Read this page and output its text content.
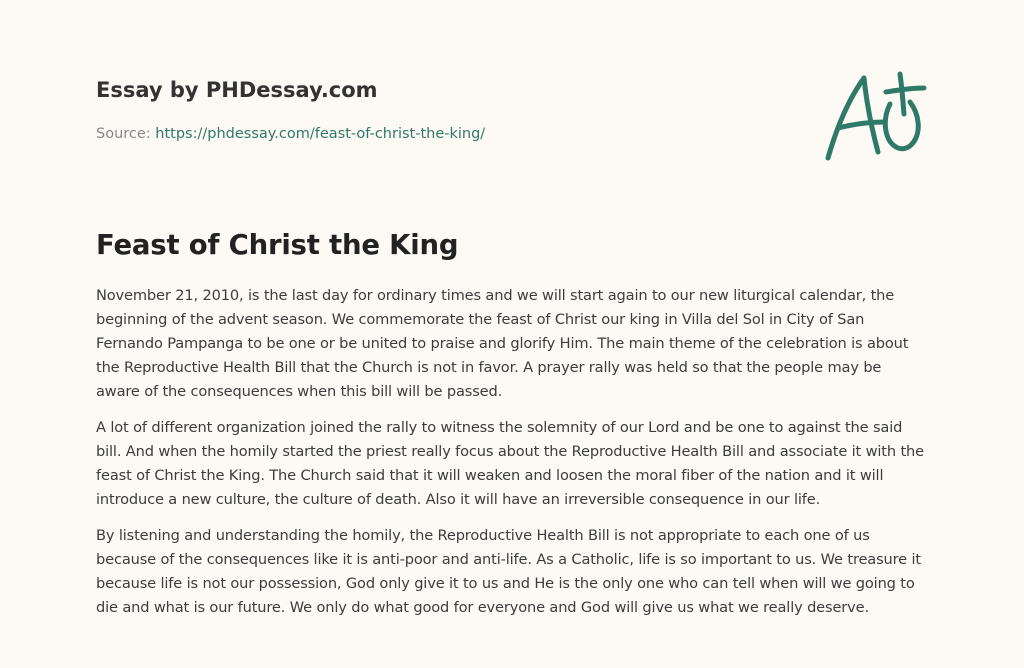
Essay by PHDessay.com
Source: https://phdessay.com/feast-of-christ-the-king/
Feast of Christ the King

November 21, 2010, is the last day for ordinary times and we will start again to our new liturgical calendar, the beginning of the advent season. We commemorate the feast of Christ our king in Villa del Sol in City of San Fernando Pampanga to be one or be united to praise and glorify Him. The main theme of the celebration is about the Reproductive Health Bill that the Church is not in favor. A prayer rally was held so that the people may be aware of the consequences when this bill will be passed.

A lot of different organization joined the rally to witness the solemnity of our Lord and be one to against the said bill. And when the homily started the priest really focus about the Reproductive Health Bill and associate it with the feast of Christ the King. The Church said that it will weaken and loosen the moral fiber of the nation and it will introduce a new culture, the culture of death. Also it will have an irreversible consequence in our life.

By listening and understanding the homily, the Reproductive Health Bill is not appropriate to each one of us because of the consequences like it is anti-poor and anti-life. As a Catholic, life is so important to us. We treasure it because life is not our possession, God only give it to us and He is the only one who can tell when will we going to die and what is our future. We only do what good for everyone and God will give us what we really deserve.
